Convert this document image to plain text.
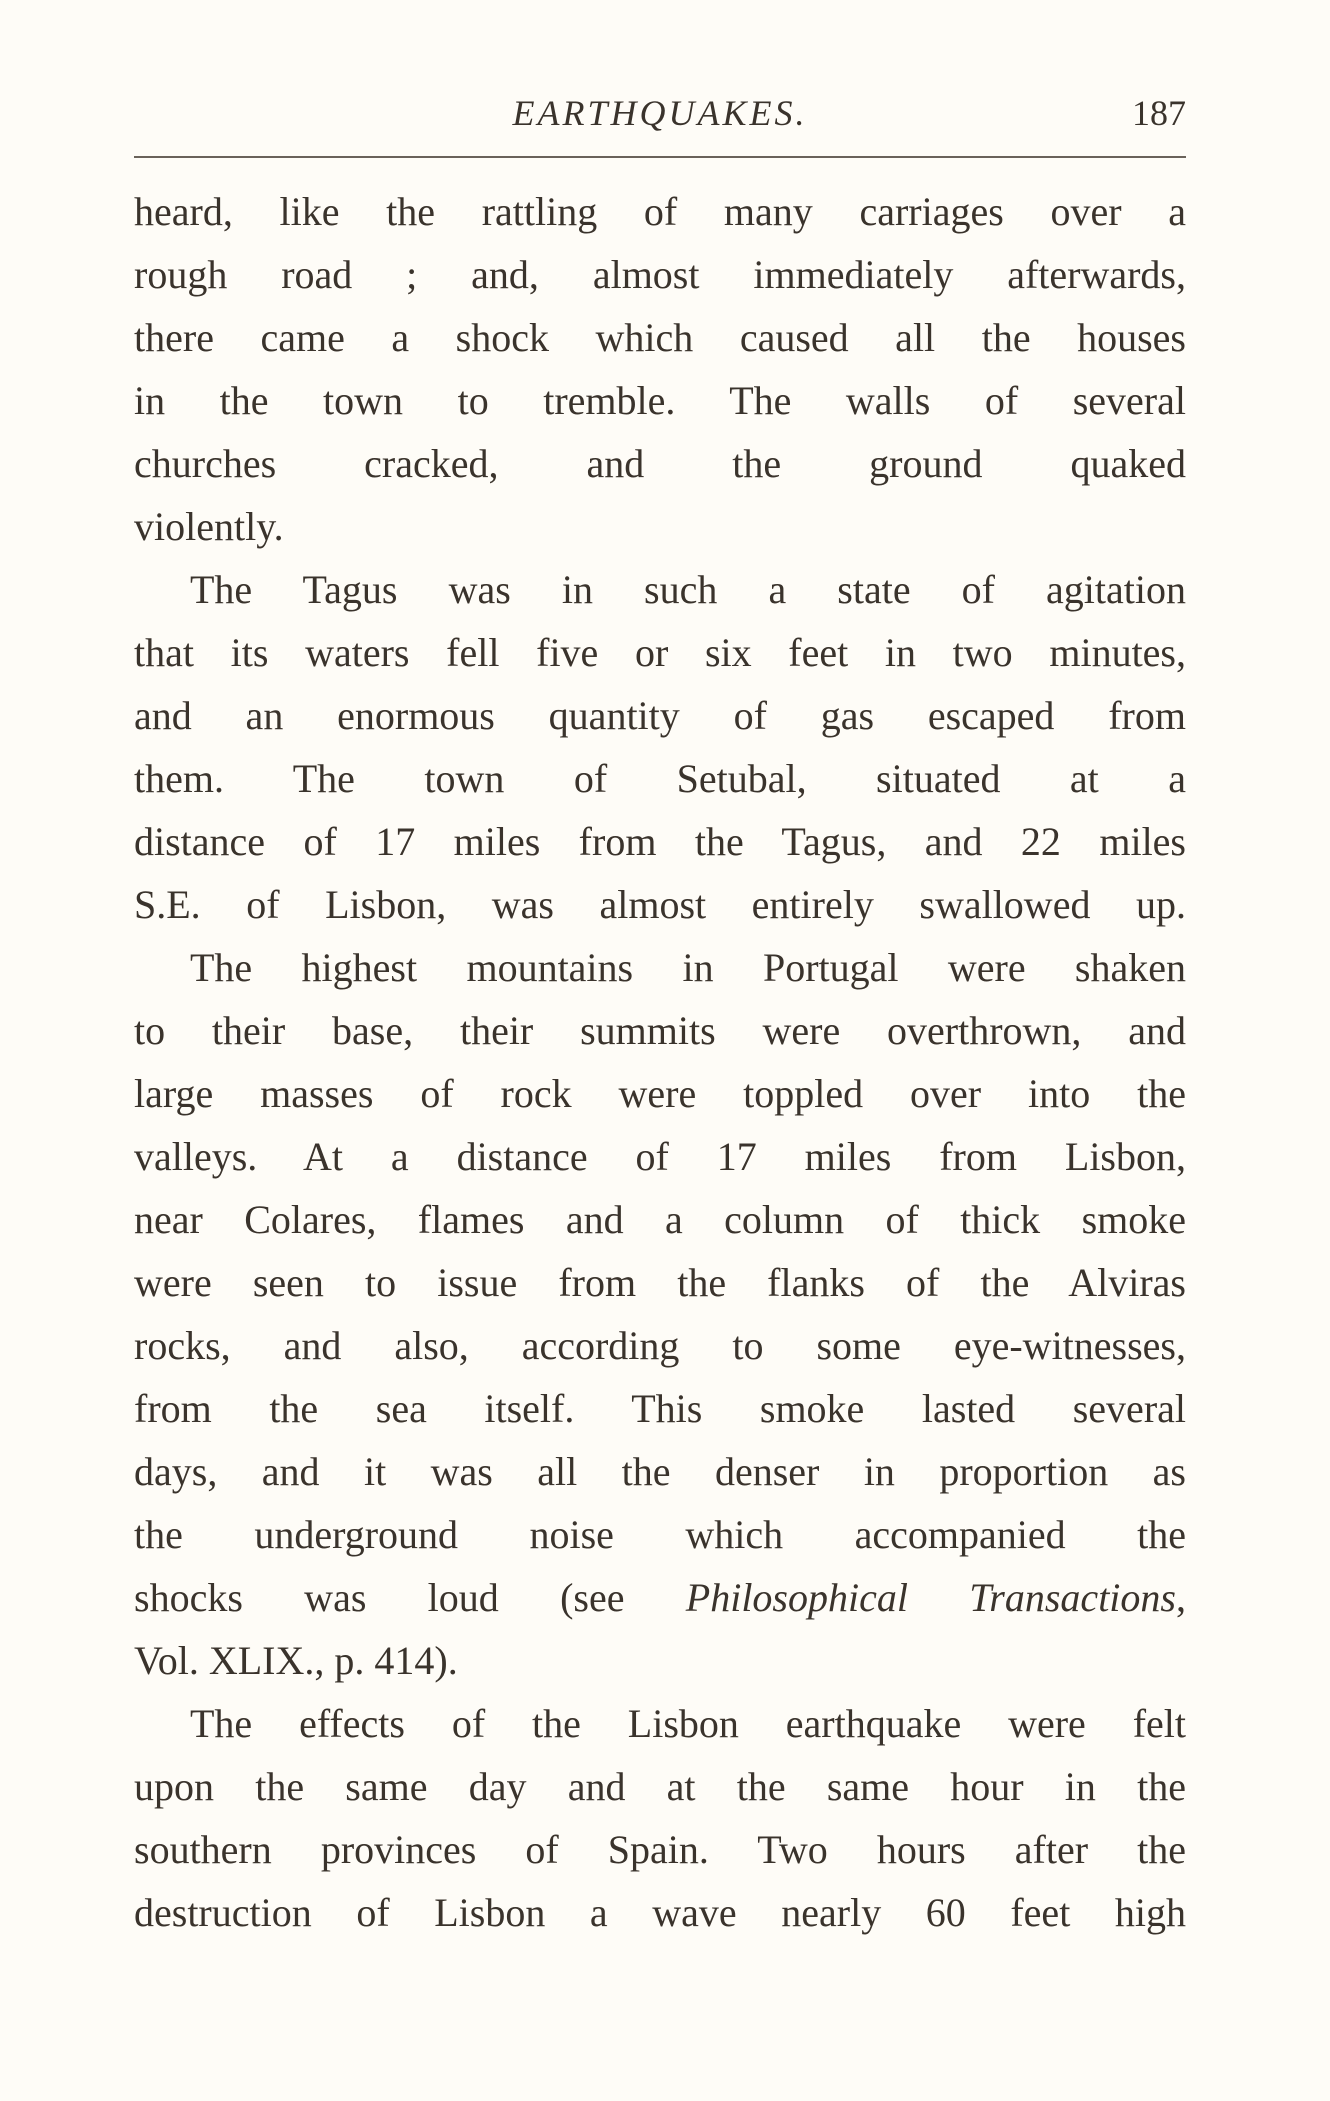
EARTHQUAKES.	187
heard, like the rattling of many carriages over a
rough road ; and, almost immediately afterwards,
there came a shock which caused all the houses
in the town to tremble. The walls of several
churches cracked, and the ground quaked
violently.
The Tagus was in such a state of agitation
that its waters fell five or six feet in two minutes,
and an enormous quantity of gas escaped from
them. The town of Setubal, situated at a
distance of 17 miles from the Tagus, and 22 miles
S.E. of Lisbon, was almost entirely swallowed up.
The highest mountains in Portugal were shaken
to their base, their summits were overthrown, and
large masses of rock were toppled over into the
valleys. At a distance of 17 miles from Lisbon,
near Colares, flames and a column of thick smoke
were seen to issue from the flanks of the Alviras
rocks, and also, according to some eye-witnesses,
from the sea itself. This smoke lasted several
days, and it was all the denser in proportion as
the underground noise which accompanied the
shocks was loud (see Philosophical Transactions,
Vol. XLIX., p. 414).
The effects of the Lisbon earthquake were felt
upon the same day and at the same hour in the
southern provinces of Spain. Two hours after the
destruction of Lisbon a wave nearly 60 feet high
